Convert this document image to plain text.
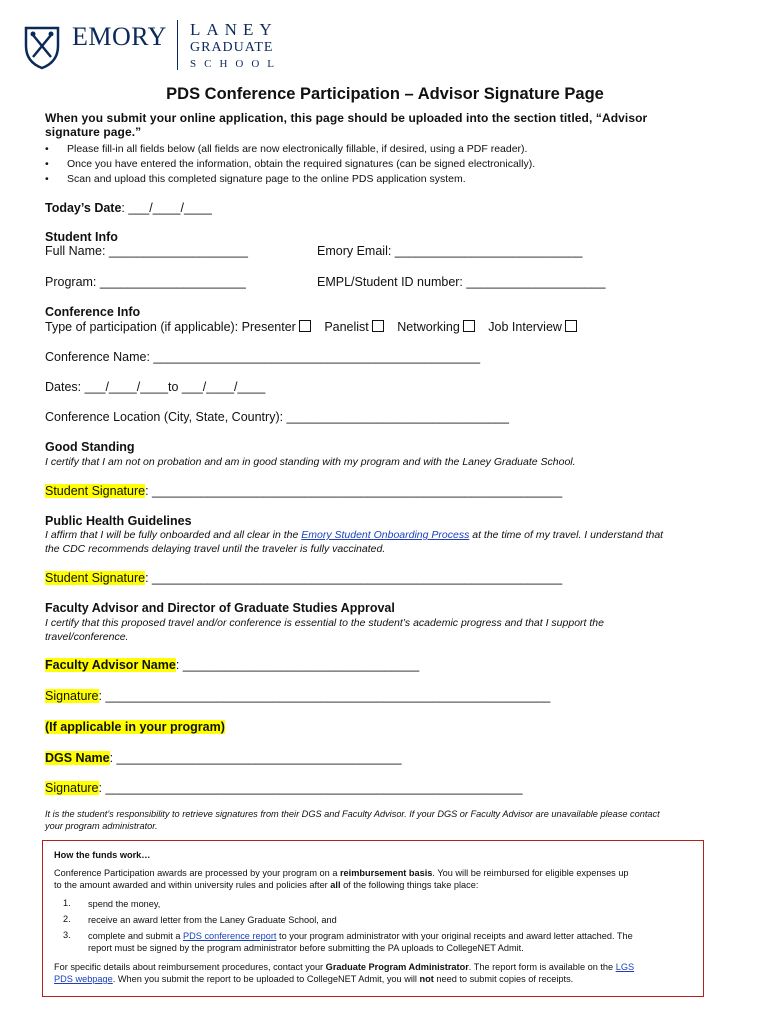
EMORY LANEY
GRADUATE
SCHOOL
PDS Conference Participation – Advisor Signature Page
When you submit your online application, this page should be uploaded into the section titled, “Advisor signature page.”
•	Please fill-in all fields below (all fields are now electronically fillable, if desired, using a PDF reader).
•	Once you have entered the information, obtain the required signatures (can be signed electronically).
•	Scan and upload this completed signature page to the online PDS application system.
Today’s Date: ___/____/____
Student Info
Full Name: ____________________	Emory Email: ___________________________
Program: _____________________	EMPL/Student ID number: ____________________
Conference Info
Type of participation (if applicable): Presenter Panelist Networking Job Interview
Conference Name: _______________________________________________
Dates: ___/____/____to ___/____/____
Conference Location (City, State, Country): ________________________________
Good Standing
I certify that I am not on probation and am in good standing with my program and with the Laney Graduate School.
Student Signature: ___________________________________________________________
Public Health Guidelines
I affirm that I will be fully onboarded and all clear in the Emory Student Onboarding Process at the time of my travel. I understand that
the CDC recommends delaying travel until the traveler is fully vaccinated.
Student Signature: ___________________________________________________________
Faculty Advisor and Director of Graduate Studies Approval
I certify that this proposed travel and/or conference is essential to the student’s academic progress and that I support the
travel/conference.
Faculty Advisor Name: __________________________________
Signature: ________________________________________________________________
(If applicable in your program)
DGS Name: _________________________________________
Signature: ____________________________________________________________
It is the student’s responsibility to retrieve signatures from their DGS and Faculty Advisor. If your DGS or Faculty Advisor are unavailable please contact
your program administrator.
How the funds work…
Conference Participation awards are processed by your program on a reimbursement basis. You will be reimbursed for eligible expenses up
to the amount awarded and within university rules and policies after all of the following things take place:
1. spend the money,
2. receive an award letter from the Laney Graduate School, and
3. complete and submit a PDS conference report to your program administrator with your original receipts and award letter attached. The
report must be signed by the program administrator before submitting the PA uploads to CollegeNET Admit.
For specific details about reimbursement procedures, contact your Graduate Program Administrator. The report form is available on the LGS
PDS webpage. When you submit the report to be uploaded to CollegeNET Admit, you will not need to submit copies of receipts.
